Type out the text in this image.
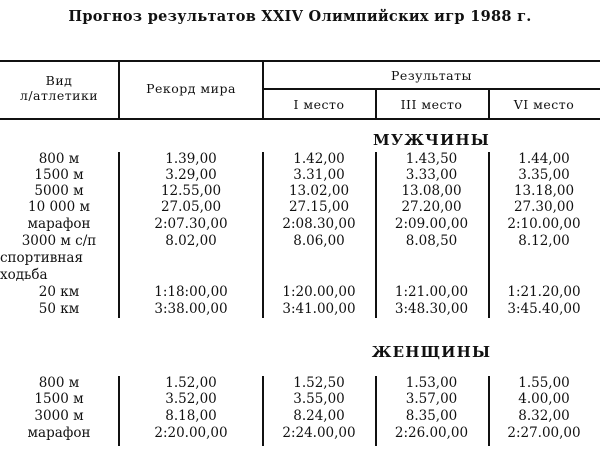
Прогноз результатов XXIV Олимпийских игр 1988 г.
Вид
л/атлетики	Рекорд мира
Результаты
I место	III место	VI место
МУЖЧИНЫ
800 м	1.39,00	1.42,00	1.43,50	1.44,00
1500 м	3.29,00	3.31,00	3.33,00	3.35,00
5000 м	12.55,00	13.02,00	13.08,00	13.18,00
10 000 м	27.05,00	27.15,00	27.20,00	27.30,00
марафон	2:07.30,00	2:08.30,00	2:09.00,00	2:10.00,00
3000 м с/п	8.02,00	8.06,00	8.08,50	8.12,00
спортивная ходьба
20 км	1:18:00,00	1:20.00,00	1:21.00,00	1:21.20,00
50 км	3:38.00,00	3:41.00,00	3:48.30,00	3:45.40,00
ЖЕНЩИНЫ
800 м	1.52,00	1.52,50	1.53,00	1.55,00
1500 м	3.52,00	3.55,00	3.57,00	4.00,00
3000 м	8.18,00	8.24,00	8.35,00	8.32,00
марафон	2:20.00,00	2:24.00,00	2:26.00,00	2:27.00,00
